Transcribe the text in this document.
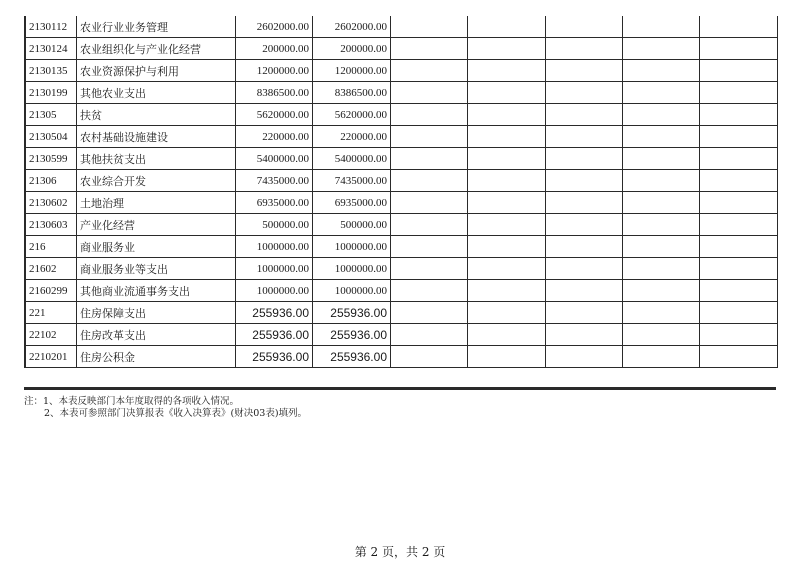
2130112	农业行业业务管理	2602000.00	2602000.00					
2130124	农业组织化与产业化经营	200000.00	200000.00					
2130135	农业资源保护与利用	1200000.00	1200000.00					
2130199	其他农业支出	8386500.00	8386500.00					
21305	扶贫	5620000.00	5620000.00					
2130504	农村基础设施建设	220000.00	220000.00					
2130599	其他扶贫支出	5400000.00	5400000.00					
21306	农业综合开发	7435000.00	7435000.00					
2130602	土地治理	6935000.00	6935000.00					
2130603	产业化经营	500000.00	500000.00					
216	商业服务业	1000000.00	1000000.00					
21602	商业服务业等支出	1000000.00	1000000.00					
2160299	其他商业流通事务支出	1000000.00	1000000.00					
221	住房保障支出	255936.00	255936.00					
22102	住房改革支出	255936.00	255936.00					
2210201	住房公积金	255936.00	255936.00					
注：1、本表反映部门本年度取得的各项收入情况。
2、本表可参照部门决算报表《收入决算表》(财决03表)填列。
第 2 页，共 2 页
